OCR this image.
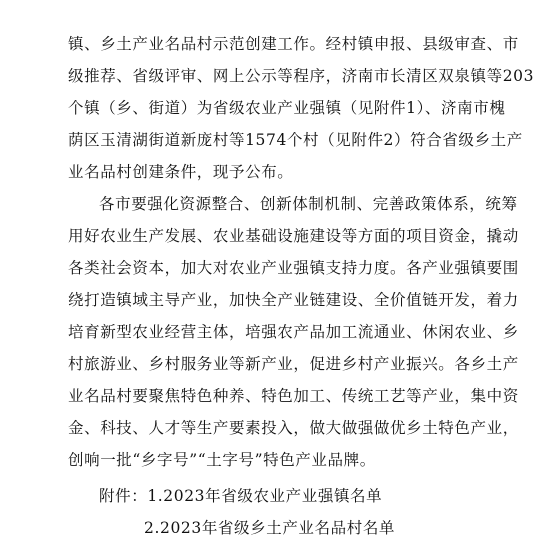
镇、乡土产业名品村示范创建工作。经村镇申报、县级审查、市
级推荐、省级评审、网上公示等程序，济南市长清区双泉镇等203
个镇（乡、街道）为省级农业产业强镇（见附件1）、济南市槐
荫区玉清湖街道新庞村等1574个村（见附件2）符合省级乡土产
业名品村创建条件，现予公布。
各市要强化资源整合、创新体制机制、完善政策体系，统筹
用好农业生产发展、农业基础设施建设等方面的项目资金，撬动
各类社会资本，加大对农业产业强镇支持力度。各产业强镇要围
绕打造镇域主导产业，加快全产业链建设、全价值链开发，着力
培育新型农业经营主体，培强农产品加工流通业、休闲农业、乡
村旅游业、乡村服务业等新产业，促进乡村产业振兴。各乡土产
业名品村要聚焦特色种养、特色加工、传统工艺等产业，集中资
金、科技、人才等生产要素投入，做大做强做优乡土特色产业，
创响一批“乡字号”“土字号”特色产业品牌。
附件：1.2023年省级农业产业强镇名单
2.2023年省级乡土产业名品村名单
